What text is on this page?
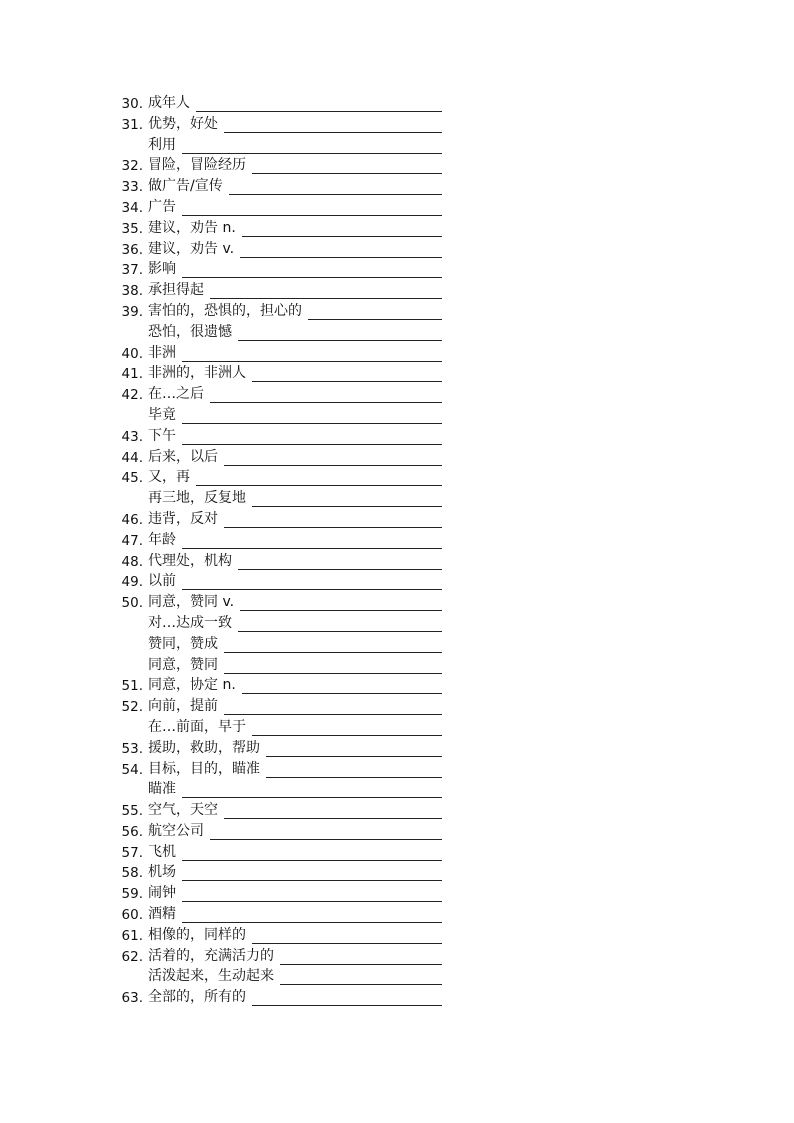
30. 成年人
31. 优势，好处
利用
32. 冒险，冒险经历
33. 做广告/宣传
34. 广告
35. 建议，劝告 n.
36. 建议，劝告 v.
37. 影响
38. 承担得起
39. 害怕的，恐惧的，担心的
恐怕，很遗憾
40. 非洲
41. 非洲的，非洲人
42. 在…之后
毕竟
43. 下午
44. 后来，以后
45. 又，再
再三地，反复地
46. 违背，反对
47. 年龄
48. 代理处，机构
49. 以前
50. 同意，赞同 v.
对…达成一致
赞同，赞成
同意，赞同
51. 同意，协定 n.
52. 向前，提前
在…前面，早于
53. 援助，救助，帮助
54. 目标，目的，瞄准
瞄准
55. 空气，天空
56. 航空公司
57. 飞机
58. 机场
59. 闹钟
60. 酒精
61. 相像的，同样的
62. 活着的，充满活力的
活泼起来，生动起来
63. 全部的，所有的
